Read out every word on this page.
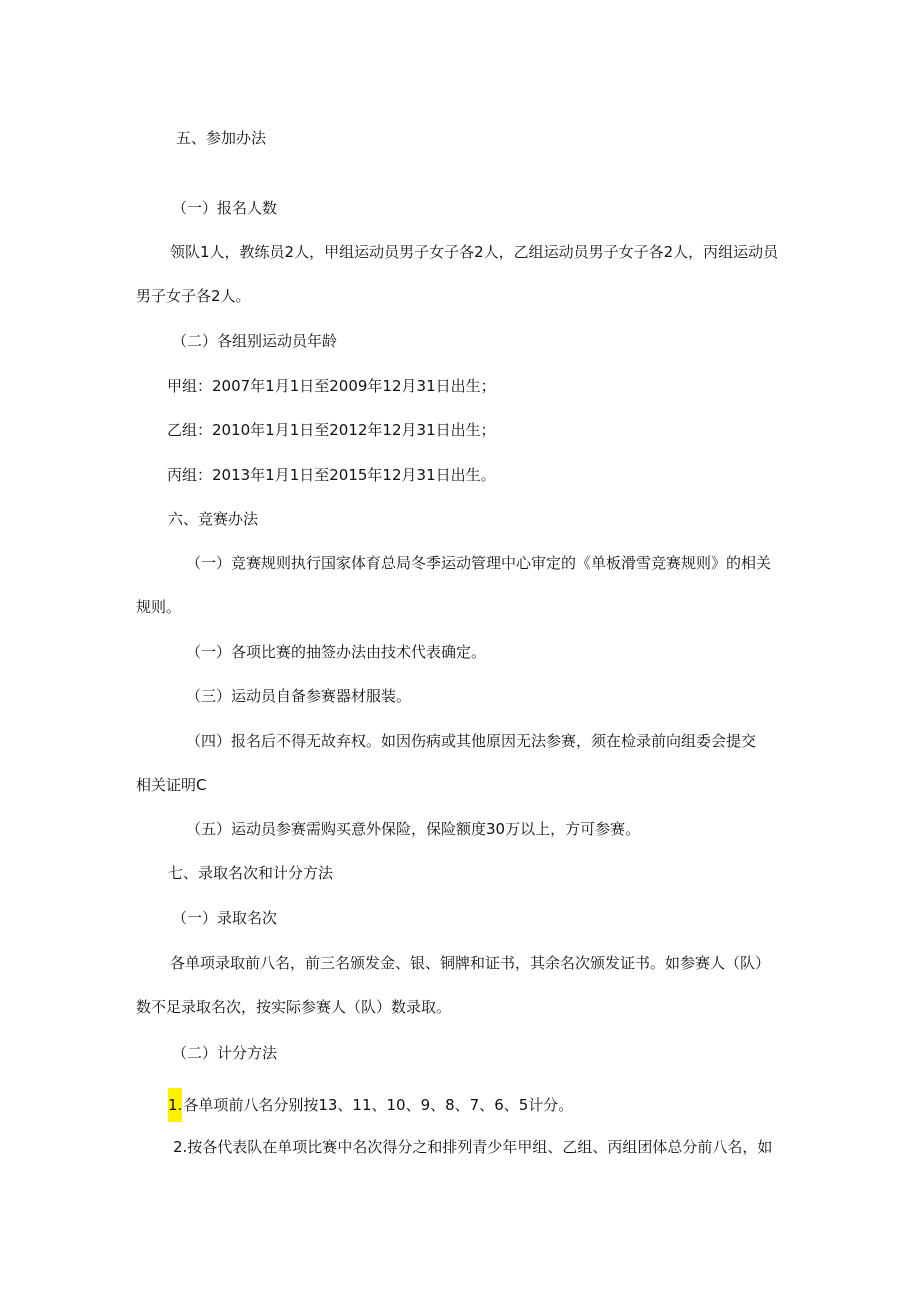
五、参加办法
（一）报名人数
领队1人，教练员2人，甲组运动员男子女子各2人，乙组运动员男子女子各2人，丙组运动员
男子女子各2人。
（二）各组别运动员年龄
甲组：2007年1月1日至2009年12月31日出生；
乙组：2010年1月1日至2012年12月31日出生；
丙组：2013年1月1日至2015年12月31日出生。
六、竞赛办法
（一）竞赛规则执行国家体育总局冬季运动管理中心审定的《单板滑雪竞赛规则》的相关
规则。
（一）各项比赛的抽签办法由技术代表确定。
（三）运动员自备参赛器材服装。
（四）报名后不得无故弃权。如因伤病或其他原因无法参赛，须在检录前向组委会提交
相关证明C
（五）运动员参赛需购买意外保险，保险额度30万以上，方可参赛。
七、录取名次和计分方法
（一）录取名次
各单项录取前八名，前三名颁发金、银、铜牌和证书，其余名次颁发证书。如参赛人（队）
数不足录取名次，按实际参赛人（队）数录取。
（二）计分方法
1.各单项前八名分别按13、11、10、9、8、7、6、5计分。
2.按各代表队在单项比赛中名次得分之和排列青少年甲组、乙组、丙组团体总分前八名，如
